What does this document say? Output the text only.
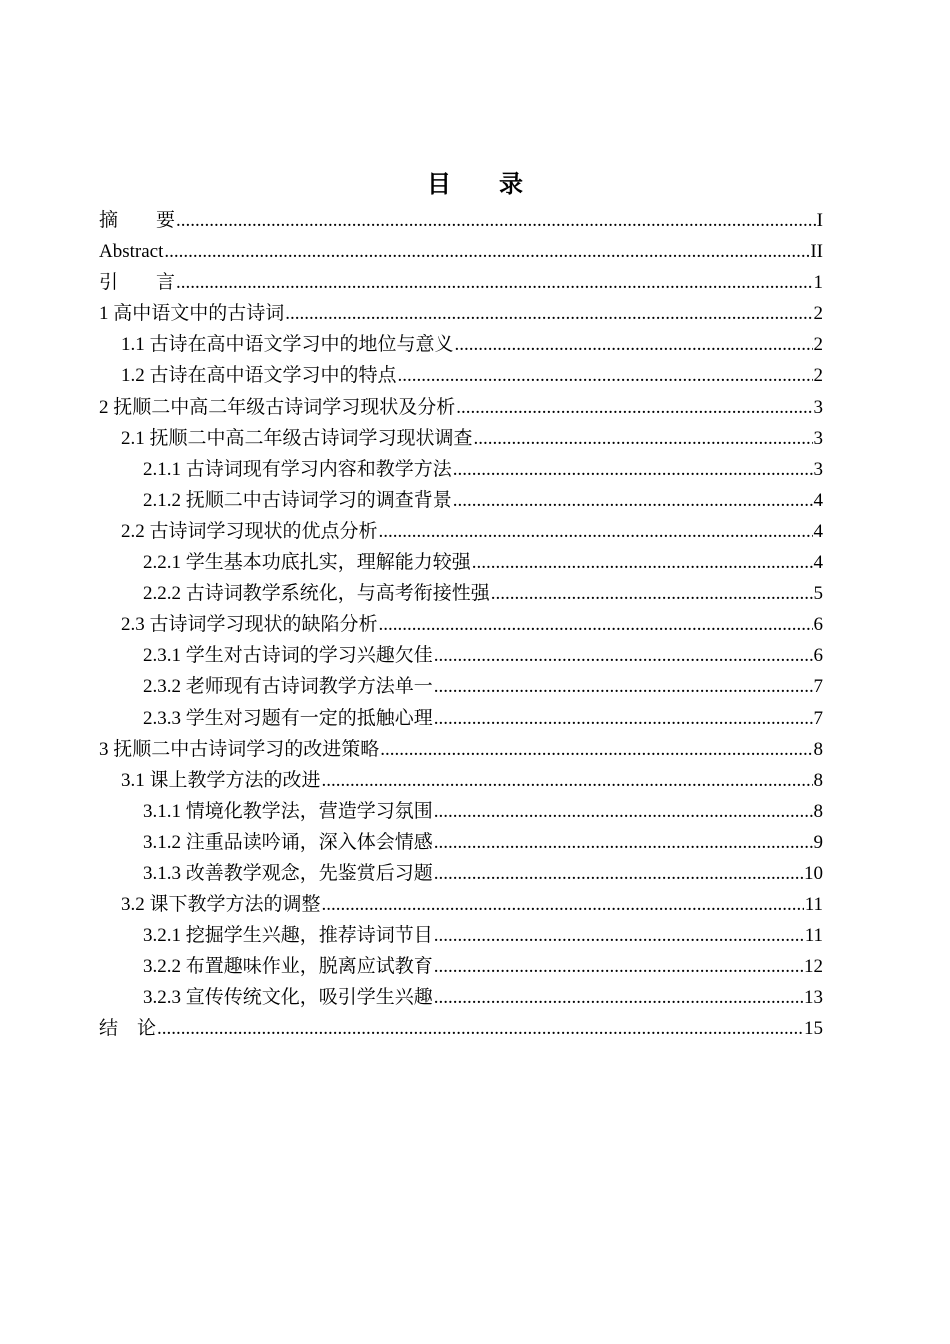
目录
摘　　要 .....	I
Abstract .....	II
引　　言 .....	1
1 高中语文中的古诗词 .....	2
1.1 古诗在高中语文学习中的地位与意义 .....	2
1.2 古诗在高中语文学习中的特点 .....	2
2 抚顺二中高二年级古诗词学习现状及分析 .....	3
2.1 抚顺二中高二年级古诗词学习现状调查 .....	3
2.1.1 古诗词现有学习内容和教学方法 .....	3
2.1.2 抚顺二中古诗词学习的调查背景 .....	4
2.2 古诗词学习现状的优点分析 .....	4
2.2.1 学生基本功底扎实，理解能力较强 .....	4
2.2.2 古诗词教学系统化，与高考衔接性强 .....	5
2.3 古诗词学习现状的缺陷分析 .....	6
2.3.1 学生对古诗词的学习兴趣欠佳 .....	6
2.3.2 老师现有古诗词教学方法单一 .....	7
2.3.3 学生对习题有一定的抵触心理 .....	7
3 抚顺二中古诗词学习的改进策略 .....	8
3.1 课上教学方法的改进 .....	8
3.1.1 情境化教学法，营造学习氛围 .....	8
3.1.2 注重品读吟诵，深入体会情感 .....	9
3.1.3 改善教学观念，先鉴赏后习题 .....	10
3.2 课下教学方法的调整 .....	11
3.2.1 挖掘学生兴趣，推荐诗词节目 .....	11
3.2.2 布置趣味作业，脱离应试教育 .....	12
3.2.3 宣传传统文化，吸引学生兴趣 .....	13
结　论 .....	15
